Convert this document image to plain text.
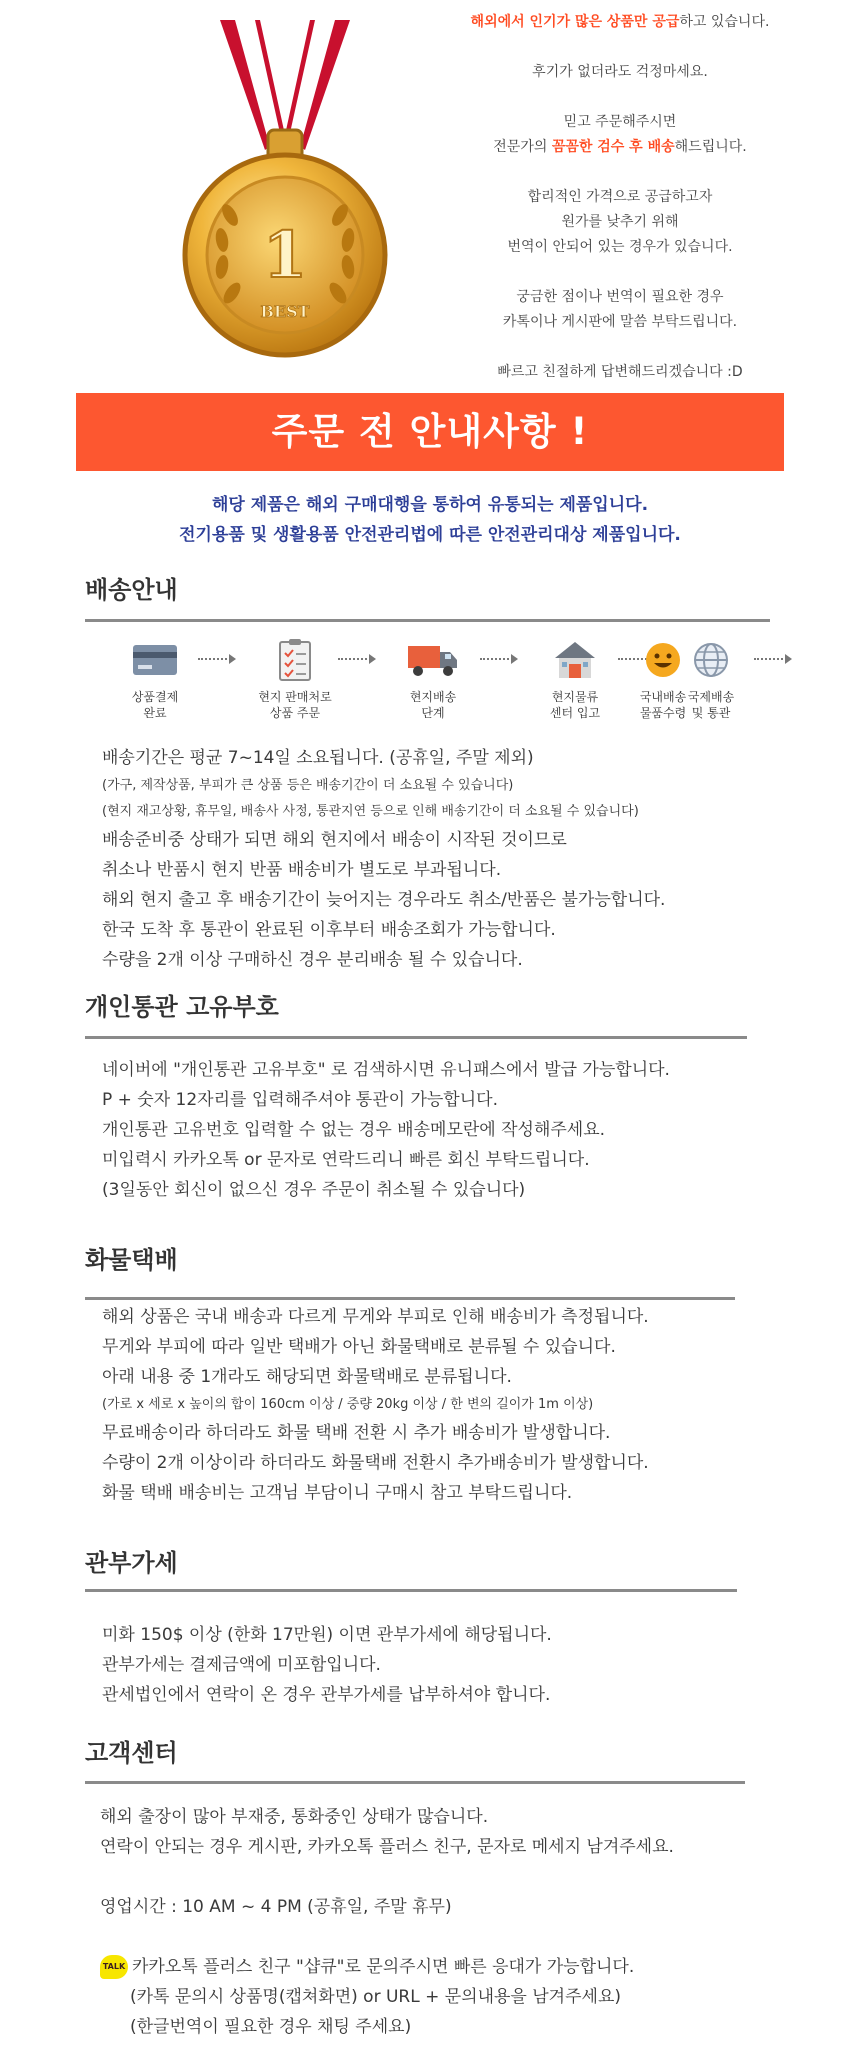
1
BEST
해외에서 인기가 많은 상품만 공급하고 있습니다.
후기가 없더라도 걱정마세요.
믿고 주문해주시면
전문가의 꼼꼼한 검수 후 배송해드립니다.
합리적인 가격으로 공급하고자
원가를 낮추기 위해
번역이 안되어 있는 경우가 있습니다.
궁금한 점이나 번역이 필요한 경우
카톡이나 게시판에 말씀 부탁드립니다.
빠르고 친절하게 답변해드리겠습니다 :D
주문 전 안내사항 !
해당 제품은 해외 구매대행을 통하여 유통되는 제품입니다.
전기용품 및 생활용품 안전관리법에 따른 안전관리대상 제품입니다.
배송안내
상품결제
완료
현지 판매처로
상품 주문
현지배송
단계
현지물류
센터 입고
국제배송
및 통관
국내배송
물품수령
배송기간은 평균 7~14일 소요됩니다. (공휴일, 주말 제외)
(가구, 제작상품, 부피가 큰 상품 등은 배송기간이 더 소요될 수 있습니다)
(현지 재고상황, 휴무일, 배송사 사정, 통관지연 등으로 인해 배송기간이 더 소요될 수 있습니다)
배송준비중 상태가 되면 해외 현지에서 배송이 시작된 것이므로
취소나 반품시 현지 반품 배송비가 별도로 부과됩니다.
해외 현지 출고 후 배송기간이 늦어지는 경우라도 취소/반품은 불가능합니다.
한국 도착 후 통관이 완료된 이후부터 배송조회가 가능합니다.
수량을 2개 이상 구매하신 경우 분리배송 될 수 있습니다.
개인통관 고유부호
네이버에 "개인통관 고유부호" 로 검색하시면 유니패스에서 발급 가능합니다.
P + 숫자 12자리를 입력해주셔야 통관이 가능합니다.
개인통관 고유번호 입력할 수 없는 경우 배송메모란에 작성해주세요.
미입력시 카카오톡 or 문자로 연락드리니 빠른 회신 부탁드립니다.
(3일동안 회신이 없으신 경우 주문이 취소될 수 있습니다)
화물택배
해외 상품은 국내 배송과 다르게 무게와 부피로 인해 배송비가 측정됩니다.
무게와 부피에 따라 일반 택배가 아닌 화물택배로 분류될 수 있습니다.
아래 내용 중 1개라도 해당되면 화물택배로 분류됩니다.
(가로 x 세로 x 높이의 합이 160cm 이상 / 중량 20kg 이상 / 한 변의 길이가 1m 이상)
무료배송이라 하더라도 화물 택배 전환 시 추가 배송비가 발생합니다.
수량이 2개 이상이라 하더라도 화물택배 전환시 추가배송비가 발생합니다.
화물 택배 배송비는 고객님 부담이니 구매시 참고 부탁드립니다.
관부가세
미화 150$ 이상 (한화 17만원) 이면 관부가세에 해당됩니다.
관부가세는 결제금액에 미포함입니다.
관세법인에서 연락이 온 경우 관부가세를 납부하셔야 합니다.
고객센터
해외 출장이 많아 부재중, 통화중인 상태가 많습니다.
연락이 안되는 경우 게시판, 카카오톡 플러스 친구, 문자로 메세지 남겨주세요.
영업시간 : 10 AM ~ 4 PM (공휴일, 주말 휴무)
TALK 카카오톡 플러스 친구 "샵큐"로 문의주시면 빠른 응대가 가능합니다.
(카톡 문의시 상품명(캡쳐화면) or URL + 문의내용을 남겨주세요)
(한글번역이 필요한 경우 채팅 주세요)
